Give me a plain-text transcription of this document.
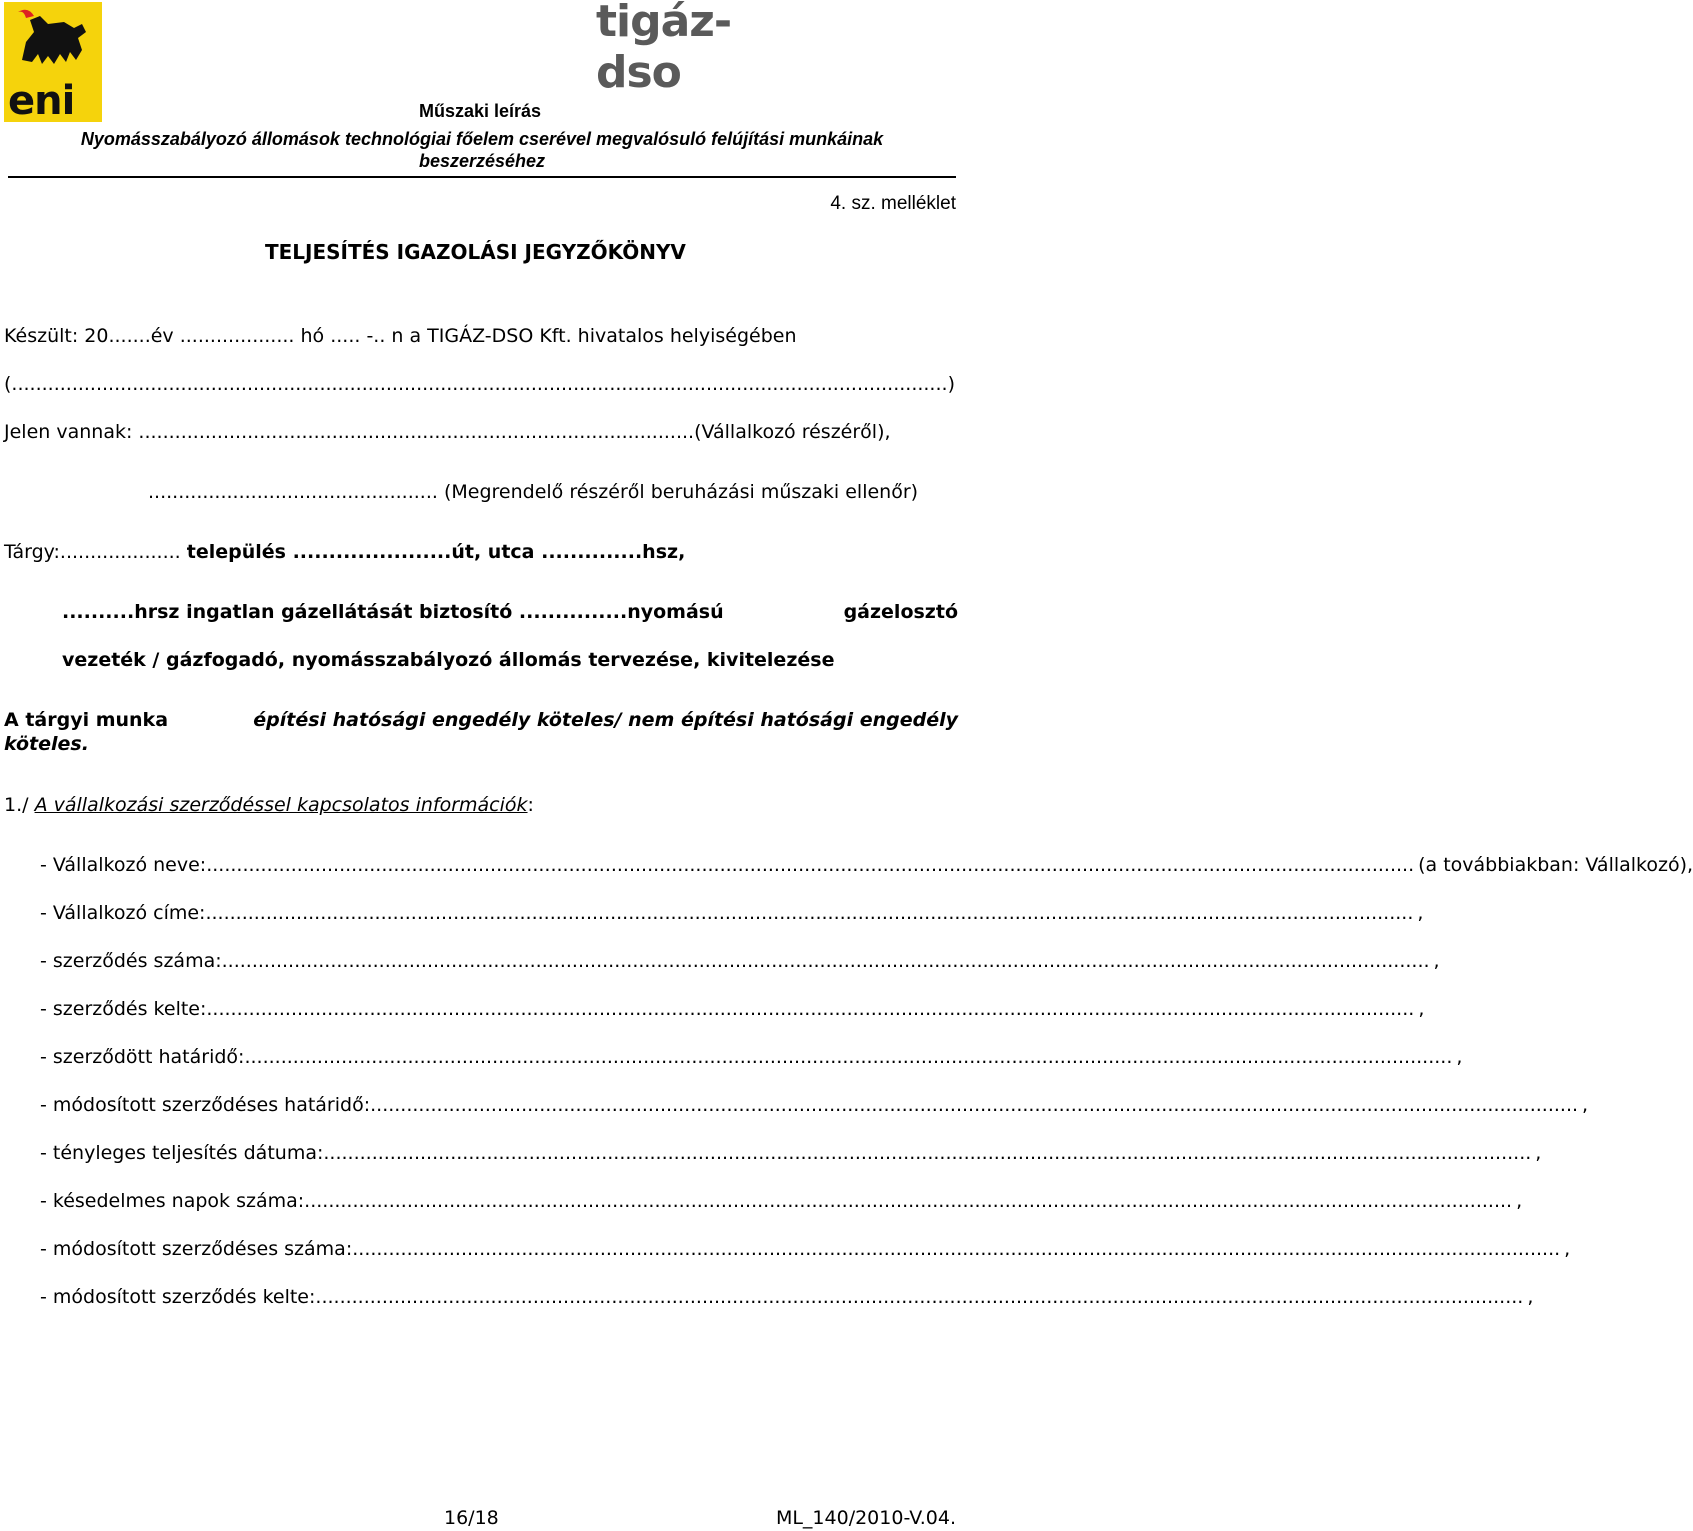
eni
tigáz-dso
Műszaki leírás
Nyomásszabályozó állomások technológiai főelem cserével megvalósuló felújítási munkáinak
beszerzéséhez
4. sz. melléklet
TELJESÍTÉS IGAZOLÁSI JEGYZŐKÖNYV
Készült: 20.......év ................... hó ..... -.. n a TIGÁZ-DSO Kft. hivatalos helyiségében
(...........................................................................................................................................................)
Jelen vannak: ............................................................................................(Vállalkozó részéről),
................................................ (Megrendelő részéről beruházási műszaki ellenőr)
Tárgy:.................... település ......................út, utca ..............hsz,
..........hrsz ingatlan gázellátását biztosító ...............nyomású	gázelosztó
vezeték / gázfogadó, nyomásszabályozó állomás tervezése, kivitelezése
A tárgyi munka	építési hatósági engedély köteles/ nem építési hatósági engedély
köteles.
1./ A vállalkozási szerződéssel kapcsolatos információk:
- Vállalkozó neve: ........................................................................................................................................................................................................ (a továbbiakban: Vállalkozó),
- Vállalkozó címe: ........................................................................................................................................................................................................ ,
- szerződés száma: ........................................................................................................................................................................................................ ,
- szerződés kelte: ........................................................................................................................................................................................................ ,
- szerződött határidő: ........................................................................................................................................................................................................ ,
- módosított szerződéses határidő: ........................................................................................................................................................................................................ ,
- tényleges teljesítés dátuma: ........................................................................................................................................................................................................ ,
- késedelmes napok száma: ........................................................................................................................................................................................................ ,
- módosított szerződéses száma: ........................................................................................................................................................................................................ ,
- módosított szerződés kelte: ........................................................................................................................................................................................................ ,
16/18	ML_140/2010-V.04.
